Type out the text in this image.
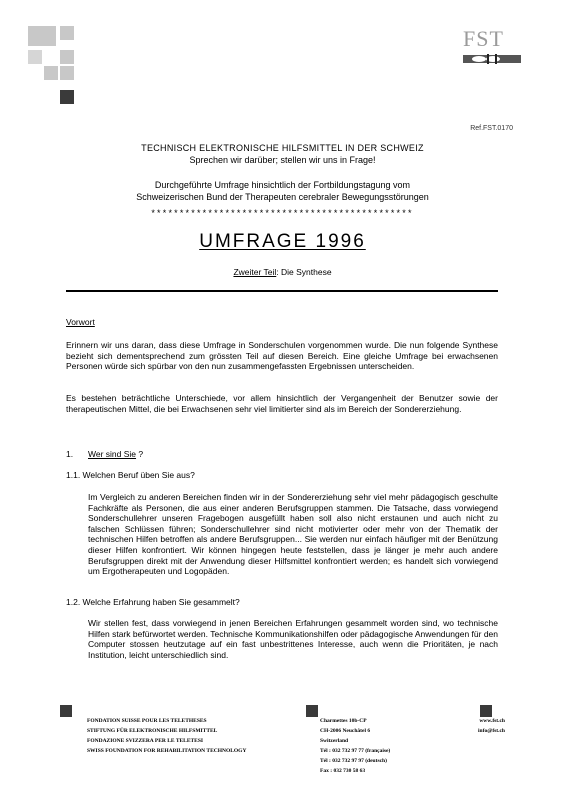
FST
Ref.FST.0170
TECHNISCH ELEKTRONISCHE HILFSMITTEL IN DER SCHWEIZ
Sprechen wir darüber; stellen wir uns in Frage!
Durchgeführte Umfrage hinsichtlich der Fortbildungstagung vom
Schweizerischen Bund der Therapeuten cerebraler Bewegungsstörungen
**********************************************
UMFRAGE 1996
Zweiter Teil: Die Synthese
Vorwort
Erinnern wir uns daran, dass diese Umfrage in Sonderschulen vorgenommen wurde. Die nun folgende Synthese bezieht sich dementsprechend zum grössten Teil auf diesen Bereich. Eine gleiche Umfrage bei erwachsenen Personen würde sich spürbar von den nun zusammengefassten Ergebnissen unterscheiden.
Es bestehen beträchtliche Unterschiede, vor allem hinsichtlich der Vergangenheit der Benutzer sowie der therapeutischen Mittel, die bei Erwachsenen sehr viel limitierter sind als im Bereich der Sondererziehung.
1. Wer sind Sie ?
1.1. Welchen Beruf üben Sie aus?
Im Vergleich zu anderen Bereichen finden wir in der Sondererziehung sehr viel mehr pädagogisch geschulte Fachkräfte als Personen, die aus einer anderen Berufsgruppen stammen. Die Tatsache, dass vorwiegend Sonderschullehrer unseren Fragebogen ausgefüllt haben soll also nicht erstaunen und auch nicht zu falschen Schlüssen führen; Sonderschullehrer sind nicht motivierter oder mehr von der Thematik der technischen Hilfen betroffen als andere Berufsgruppen... Sie werden nur einfach häufiger mit der Benützung dieser Hilfen konfrontiert. Wir können hingegen heute feststellen, dass je länger je mehr auch andere Berufsgruppen direkt mit der Anwendung dieser Hilfsmittel konfrontiert werden; es handelt sich vorwiegend um Ergotherapeuten und Logopäden.
1.2. Welche Erfahrung haben Sie gesammelt?
Wir stellen fest, dass vorwiegend in jenen Bereichen Erfahrungen gesammelt worden sind, wo technische Hilfen stark befürwortet werden. Technische Kommunikationshilfen oder pädagogische Anwendungen für den Computer stossen heutzutage auf ein fast unbestrittenes Interesse, auch wenn die Prioritäten, je nach Institution, leicht unterschiedlich sind.
FONDATION SUISSE POUR LES TELETHESES
STIFTUNG FÜR ELEKTRONISCHE HILFSMITTEL
FONDAZIONE SVIZZERA PER LE TELETESI
SWISS FOUNDATION FOR REHABILITATION TECHNOLOGY
Charmettes 10b-CP
CH-2006 Neuchâtel 6
Switzerland
Tél : 032 732 97 77 (française)
Tél : 032 732 97 97 (deutsch)
Fax : 032 730 58 63
www.fst.ch
info@fst.ch
